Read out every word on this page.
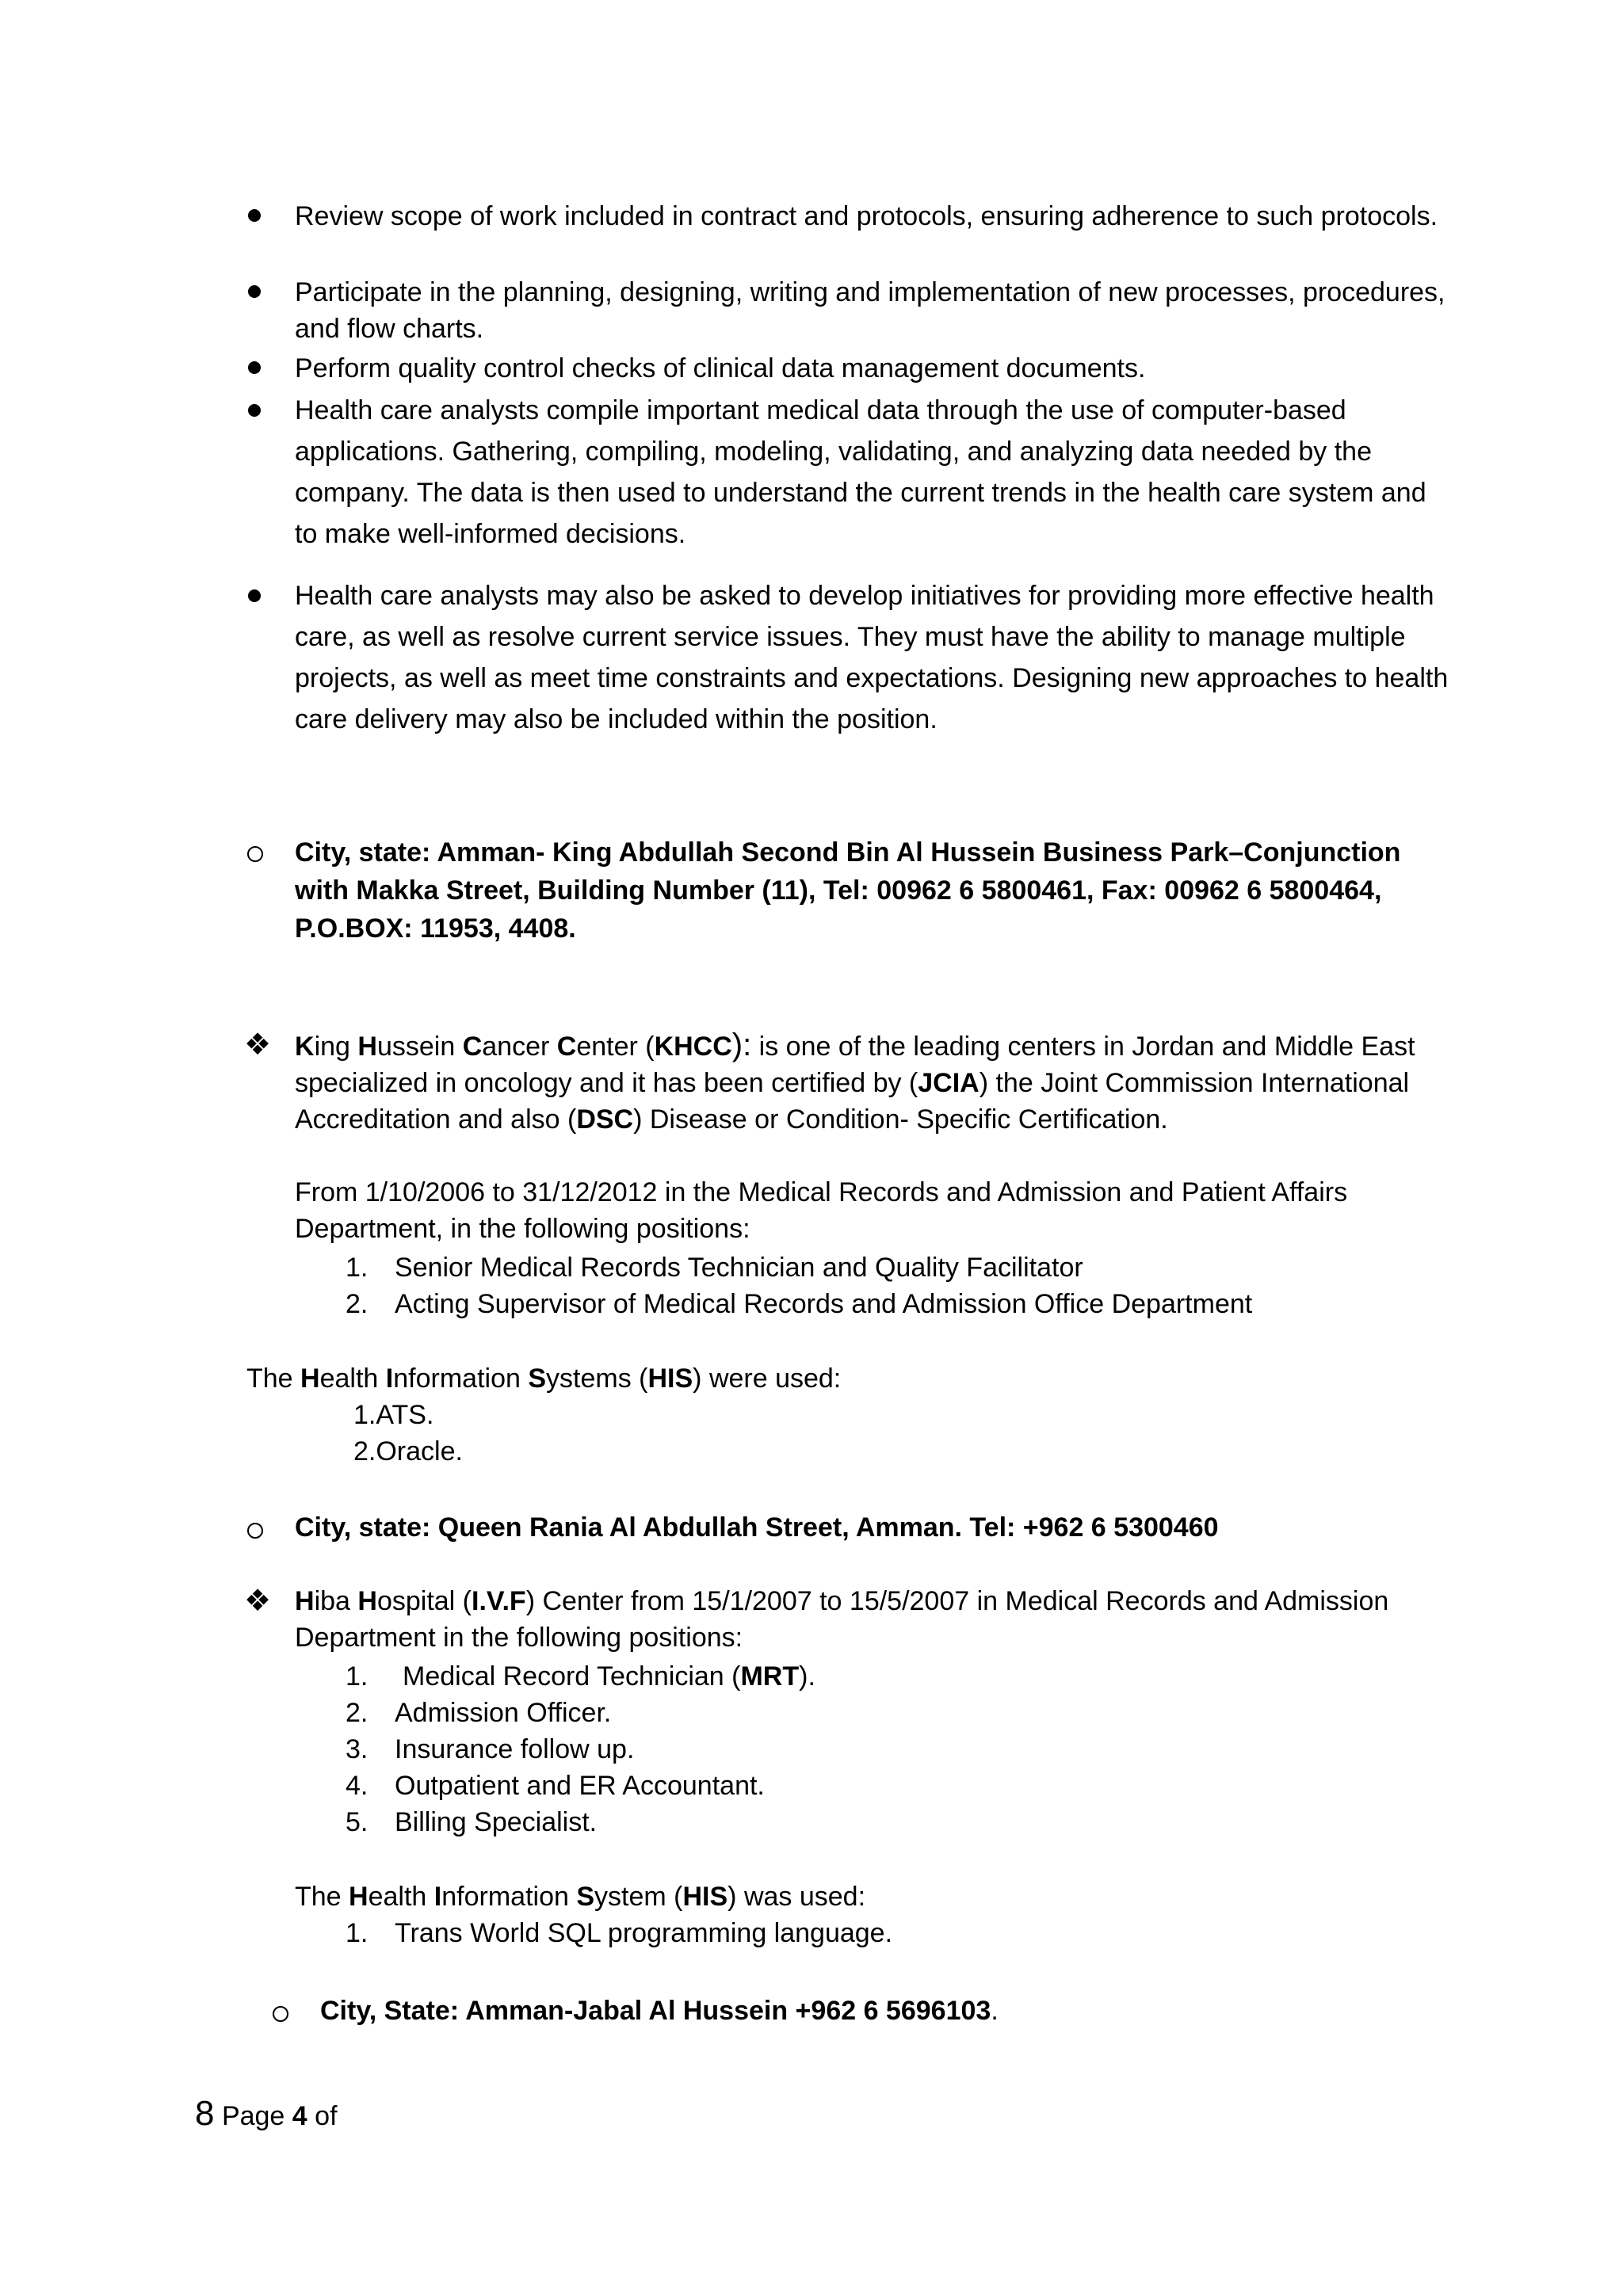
Review scope of work included in contract and protocols, ensuring adherence to such protocols.
Participate in the planning, designing, writing and implementation of new processes, procedures, and flow charts.
Perform quality control checks of clinical data management documents.
Health care analysts compile important medical data through the use of computer-based applications. Gathering, compiling, modeling, validating, and analyzing data needed by the company. The data is then used to understand the current trends in the health care system and to make well-informed decisions.
Health care analysts may also be asked to develop initiatives for providing more effective health care, as well as resolve current service issues. They must have the ability to manage multiple projects, as well as meet time constraints and expectations. Designing new approaches to health care delivery may also be included within the position.
City, state: Amman- King Abdullah Second Bin Al Hussein Business Park–Conjunction with Makka Street, Building Number (11), Tel: 00962 6 5800461, Fax: 00962 6 5800464, P.O.BOX: 11953, 4408.
❖ King Hussein Cancer Center (KHCC): is one of the leading centers in Jordan and Middle East specialized in oncology and it has been certified by (JCIA) the Joint Commission International Accreditation and also (DSC) Disease or Condition- Specific Certification.
From 1/10/2006 to 31/12/2012 in the Medical Records and Admission and Patient Affairs Department, in the following positions:
1. Senior Medical Records Technician and Quality Facilitator
2. Acting Supervisor of Medical Records and Admission Office Department
The Health Information Systems (HIS) were used:
1.ATS.
2.Oracle.
City, state: Queen Rania Al Abdullah Street, Amman. Tel: +962 6 5300460
❖ Hiba Hospital (I.V.F) Center from 15/1/2007 to 15/5/2007 in Medical Records and Admission Department in the following positions:
1. Medical Record Technician (MRT).
2. Admission Officer.
3. Insurance follow up.
4. Outpatient and ER Accountant.
5. Billing Specialist.
The Health Information System (HIS) was used:
1. Trans World SQL programming language.
City, State: Amman-Jabal Al Hussein +962 6 5696103.
8 Page 4 of
